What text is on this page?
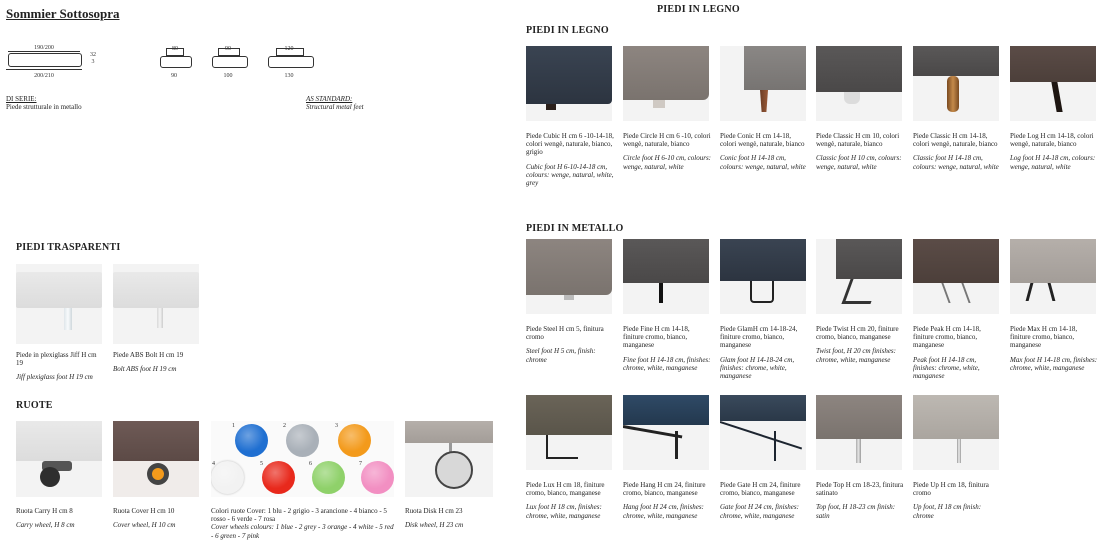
Sommier Sottosopra
190/200
200/210
32
3
80
90
90
100
120
130
DI SERIE:
Piede strutturale in metallo
AS STANDARD:
Structural metal feet
PIEDI TRASPARENTI
Piede in plexiglass Jiff H cm 19
Jiff plexiglass foot H 19 cm
Piede ABS Bolt H cm 19
Bolt ABS foot H 19 cm
RUOTE
Ruota Carry H cm 8
Carry wheel, H 8 cm
Ruota Cover H cm 10
Cover wheel, H 10 cm
1	2	3
4	5	6	7
Colori ruote Cover: 1 blu - 2 grigio - 3 arancione - 4 bianco - 5 rosso - 6 verde - 7 rosa
Cover wheels colours: 1 blue - 2 grey - 3 orange - 4 white - 5 red - 6 green - 7 pink
Ruota Disk H cm 23
Disk wheel, H 23 cm
PIEDI IN LEGNO
PIEDI IN LEGNO
Piede Cubic H cm 6 -10-14-18, colori wengè, naturale, bianco, grigio
Cubic foot H 6-10-14-18 cm, colours: wenge, natural, white, grey
Piede Circle H cm 6 -10, colori wengè, naturale, bianco
Circle foot H 6-10 cm, colours: wenge, natural, white
Piede Conic H cm 14-18, colori wengè, naturale, bianco
Conic foot H 14-18 cm, colours: wenge, natural, white
Piede Classic H cm 10, colori wengè, naturale, bianco
Classic foot H 10 cm, colours: wenge, natural, white
Piede Classic H cm 14-18, colori wengè, naturale, bianco
Classic foot H 14-18 cm, colours: wenge, natural, white
Piede Log H cm 14-18, colori wengè, naturale, bianco
Log foot H 14-18 cm, colours: wenge, natural, white
PIEDI IN METALLO
Piede Steel H cm 5, finitura cromo
Steel foot H 5 cm, finish: chrome
Piede Fine H cm 14-18, finiture cromo, bianco, manganese
Fine foot H 14-18 cm, finishes: chrome, white, manganese
Piede GlamH cm 14-18-24, finiture cromo, bianco, manganese
Glam foot H 14-18-24 cm, finishes: chrome, white, manganese
Piede Twist H cm 20, finiture cromo, bianco, manganese
Twist foot, H 20 cm finishes: chrome, white, manganese
Piede Peak H cm 14-18, finiture cromo, bianco, manganese
Peak foot H 14-18 cm, finishes: chrome, white, manganese
Piede Max H cm 14-18, finiture cromo, bianco, manganese
Max foot H 14-18 cm, finishes: chrome, white, manganese
Piede Lux H cm 18, finiture cromo, bianco, manganese
Lux foot H 18 cm, finishes: chrome, white, manganese
Piede Hang H cm 24, finiture cromo, bianco, manganese
Hang foot H 24 cm, finishes: chrome, white, manganese
Piede Gate H cm 24, finiture cromo, bianco, manganese
Gate foot H 24 cm, finishes: chrome, white, manganese
Piede Top H cm 18-23, finitura satinato
Top foot, H 18-23 cm finish: satin
Piede Up H cm 18, finitura cromo
Up foot, H 18 cm finish: chrome
